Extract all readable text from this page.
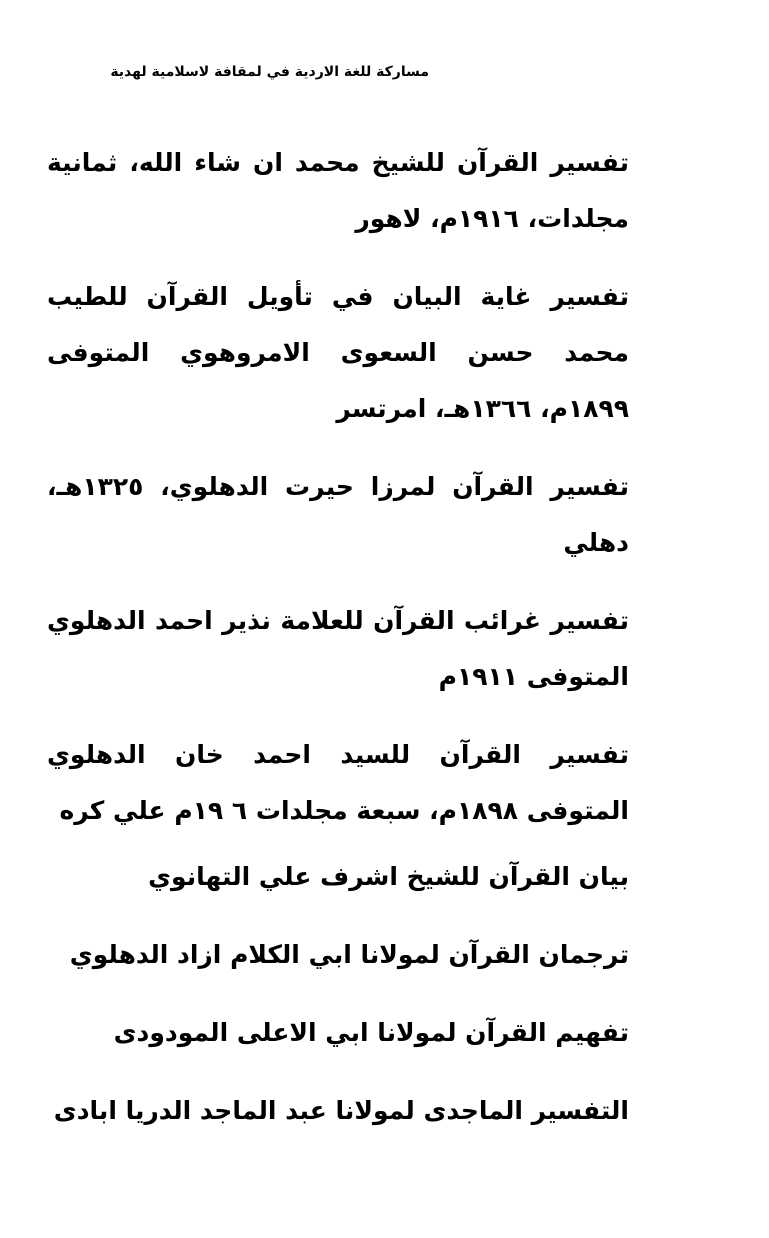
مساركة للغة الاردية في لمقافة لاسلامية لهدية

تفسير القرآن للشيخ محمد ان شاء الله، ثمانية مجلدات، ١٩١٦م، لاهور

تفسير غاية البيان في تأويل القرآن للطيب محمد حسن السعوى الامروهوي المتوفى ١٨٩٩م، ١٣٦٦هـ، امرتسر

تفسير القرآن لمرزا حيرت الدهلوي، ١٣٢٥هـ، دهلي

تفسير غرائب القرآن للعلامة نذير احمد الدهلوي المتوفى ١٩١١م

تفسير القرآن للسيد احمد خان الدهلوي المتوفى ١٨٩٨م، سبعة مجلدات ٦ ١٩م علي كره

بيان القرآن للشيخ اشرف علي التهانوي

ترجمان القرآن لمولانا ابي الكلام ازاد الدهلوي

تفهيم القرآن لمولانا ابي الاعلى المودودى

التفسير الماجدى لمولانا عبد الماجد الدريا ابادى
